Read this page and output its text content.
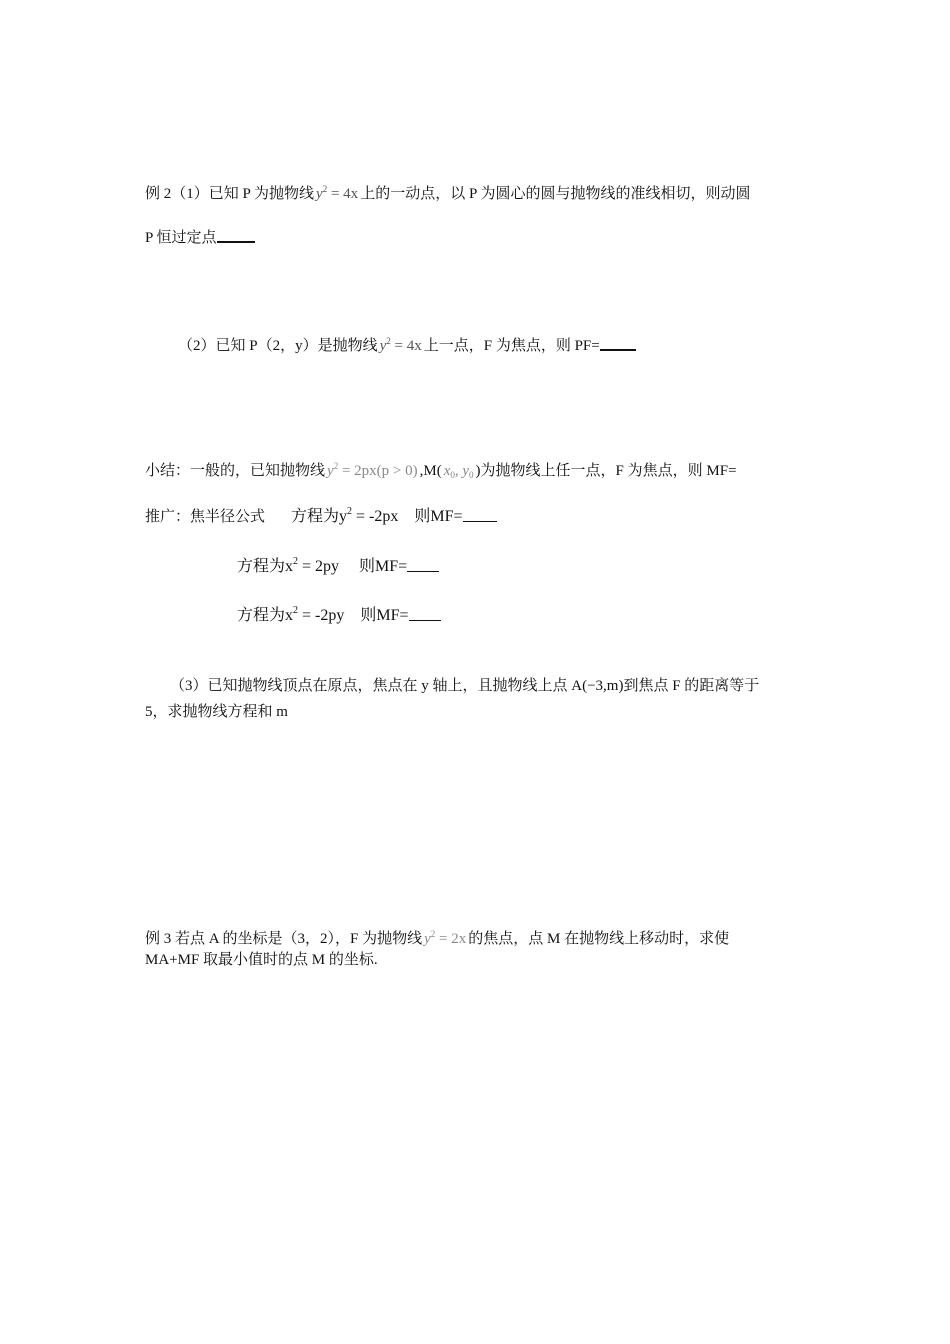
例 2（1）已知 P 为抛物线 $y^2 = 4x$ 上的一动点，以 P 为圆心的圆与抛物线的准线相切，则动圆
P 恒过定点
（2）已知 P（2，y）是抛物线 $y^2 = 4x$ 上一点，F 为焦点，则 PF=
小结：一般的，已知抛物线 $y^2 = 2px(p > 0)$ ,M( $x_0$, $y_0$ )为抛物线上任一点，F 为焦点，则 MF=
推广：焦半径公式 方程为$y^2 = -2px$ 则MF=
方程为$x^2 = 2py$ 则MF=
方程为$x^2 = -2py$ 则MF=
（3）已知抛物线顶点在原点，焦点在 y 轴上，且抛物线上点 A(−3,m)到焦点 F 的距离等于
5，求抛物线方程和 m
例 3 若点 A 的坐标是（3，2），F 为抛物线 $y^2 = 2x$ 的焦点，点 M 在抛物线上移动时，求使
MA+MF 取最小值时的点 M 的坐标.
